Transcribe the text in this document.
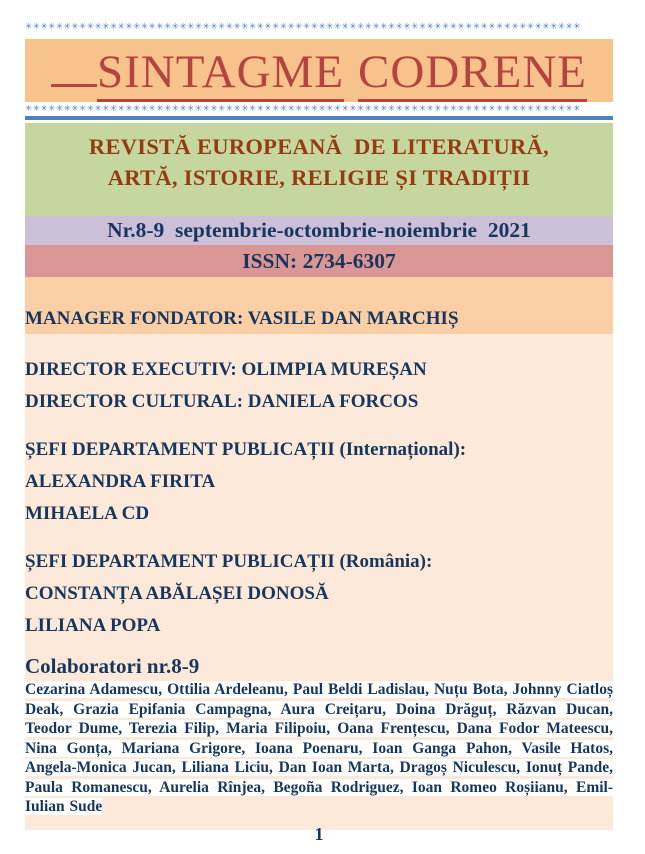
✳✳✳✳✳✳✳✳✳✳✳✳✳✳✳✳✳✳✳✳✳✳✳✳✳✳✳✳✳✳✳✳✳✳✳✳✳✳✳✳✳✳✳✳✳✳✳✳✳✳✳✳✳✳✳✳✳✳✳✳✳✳✳✳✳✳✳✳✳✳✳✳
SINTAGME CODRENE
✳✳✳✳✳✳✳✳✳✳✳✳✳✳✳✳✳✳✳✳✳✳✳✳✳✳✳✳✳✳✳✳✳✳✳✳✳✳✳✳✳✳✳✳✳✳✳✳✳✳✳✳✳✳✳✳✳✳✳✳✳✳✳✳✳✳✳✳✳✳✳✳
REVISTĂ EUROPEANĂ  DE LITERATURĂ,
ARTĂ, ISTORIE, RELIGIE ȘI TRADIȚII
Nr.8-9  septembrie-octombrie-noiembrie  2021
ISSN: 2734-6307
MANAGER FONDATOR: VASILE DAN MARCHIȘ
DIRECTOR EXECUTIV: OLIMPIA MUREȘAN
DIRECTOR CULTURAL: DANIELA FORCOS
ȘEFI DEPARTAMENT PUBLICAȚII (Internațional):
ALEXANDRA FIRITA
MIHAELA CD
ȘEFI DEPARTAMENT PUBLICAȚII (România):
CONSTANȚA ABĂLAȘEI DONOSĂ
LILIANA POPA
Colaboratori nr.8-9

Cezarina Adamescu, Ottilia Ardeleanu, Paul Beldi Ladislau, Nuțu Bota, Johnny Ciatloș Deak, Grazia Epifania Campagna, Aura Creițaru, Doina Drăguț, Răzvan Ducan, Teodor Dume, Terezia Filip, Maria Filipoiu, Oana Frențescu, Dana Fodor Mateescu, Nina Gonța, Mariana Grigore, Ioana Poenaru, Ioan Ganga Pahon, Vasile Hatos, Angela-Monica Jucan, Liliana Liciu, Dan Ioan Marta, Dragoș Niculescu, Ionuț Pande, Paula Romanescu, Aurelia Rînjea, Begoña Rodriguez, Ioan Romeo Roșiianu, Emil-Iulian Sude

1
